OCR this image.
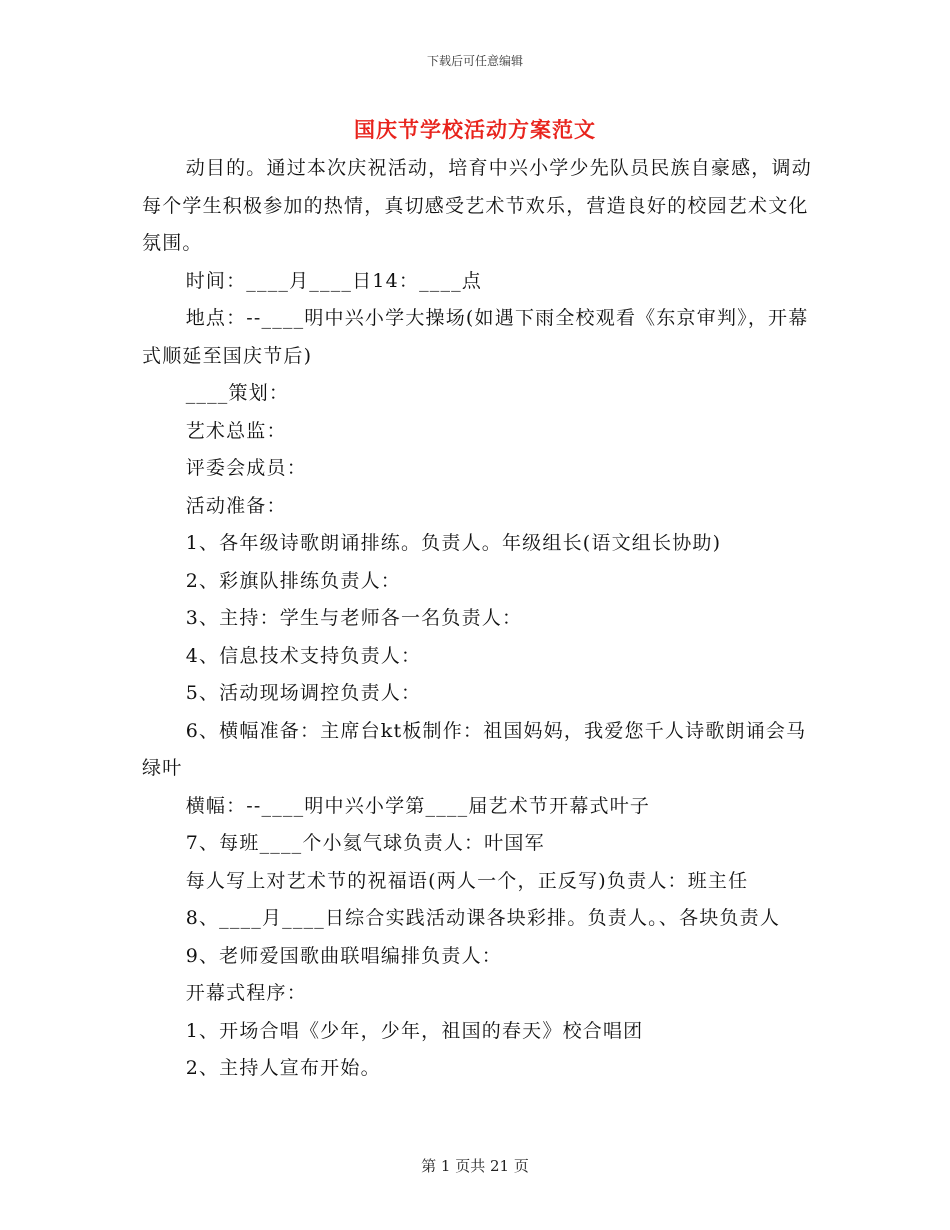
下载后可任意编辑
国庆节学校活动方案范文

动目的。通过本次庆祝活动，培育中兴小学少先队员民族自豪感，调动每个学生积极参加的热情，真切感受艺术节欢乐，营造良好的校园艺术文化氛围。

时间：____月____日14：____点

地点：--____明中兴小学大操场(如遇下雨全校观看《东京审判》，开幕式顺延至国庆节后)

____策划：

艺术总监：

评委会成员：

活动准备：

1、各年级诗歌朗诵排练。负责人。年级组长(语文组长协助)

2、彩旗队排练负责人：

3、主持：学生与老师各一名负责人：

4、信息技术支持负责人：

5、活动现场调控负责人：

6、横幅准备：主席台kt板制作：祖国妈妈，我爱您千人诗歌朗诵会马绿叶

横幅：--____明中兴小学第____届艺术节开幕式叶子

7、每班____个小氦气球负责人：叶国军

每人写上对艺术节的祝福语(两人一个，正反写)负责人：班主任

8、____月____日综合实践活动课各块彩排。负责人。、各块负责人

9、老师爱国歌曲联唱编排负责人：

开幕式程序：

1、开场合唱《少年，少年，祖国的春天》校合唱团

2、主持人宣布开始。

第 1 页共 21 页
